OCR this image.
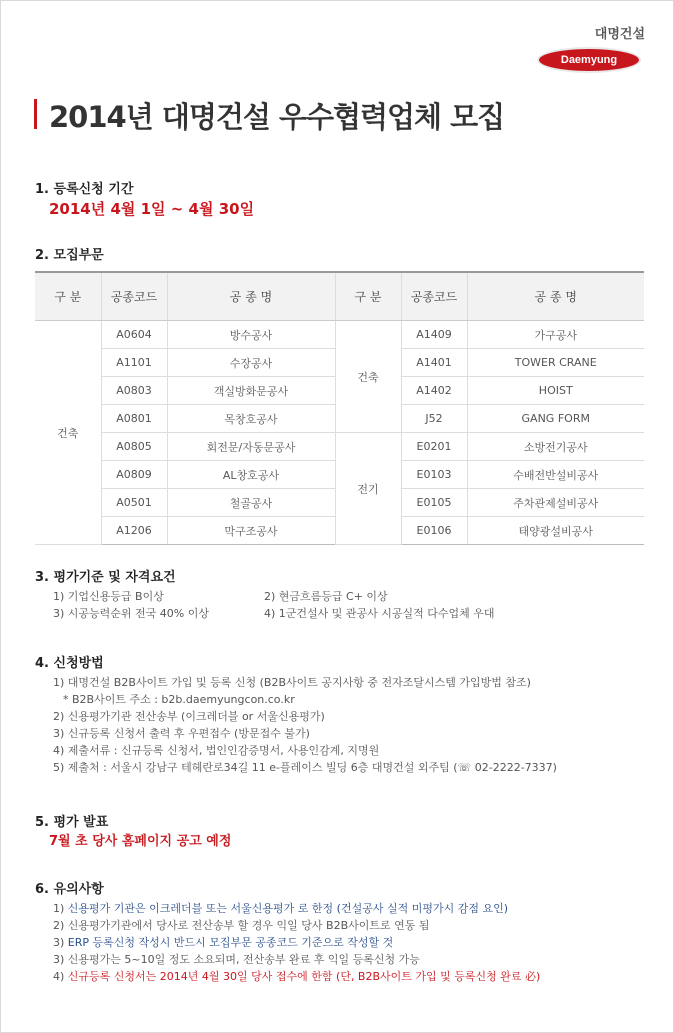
대명건설
Daemyung
2014년 대명건설 우수협력업체 모집
1. 등록신청 기간
2014년 4월 1일 ~ 4월 30일
2. 모집부문
구 분	공종코드	공 종 명	구 분	공종코드	공 종 명
건축	A0604	방수공사	건축	A1409	가구공사
	A1101	수장공사		A1401	TOWER CRANE
	A0803	객실방화문공사		A1402	HOIST
	A0801	목창호공사		J52	GANG FORM
	A0805	회전문/자동문공사	전기	E0201	소방전기공사
	A0809	AL창호공사		E0103	수배전반설비공사
	A0501	철골공사		E0105	주차관제설비공사
	A1206	막구조공사		E0106	태양광설비공사
3. 평가기준 및 자격요건
1) 기업신용등급 B이상	2) 현금흐름등급 C+ 이상
3) 시공능력순위 전국 40% 이상	4) 1군건설사 및 관공사 시공실적 다수업체 우대
4. 신청방법
1) 대명건설 B2B사이트 가입 및 등록 신청 (B2B사이트 공지사항 중 전자조달시스템 가입방법 참조)
* B2B사이트 주소 : b2b.daemyungcon.co.kr
2) 신용평가기관 전산송부 (이크레더블 or 서울신용평가)
3) 신규등록 신청서 출력 후 우편접수 (방문접수 불가)
4) 제출서류 : 신규등록 신청서, 법인인감증명서, 사용인감계, 지명원
5) 제출처 : 서울시 강남구 테헤란로34길 11 e-플레이스 빌딩 6층 대명건설 외주팀 (☏ 02-2222-7337)
5. 평가 발표
7월 초 당사 홈페이지 공고 예정
6. 유의사항
1) 신용평가 기관은 이크레더블 또는 서울신용평가 로 한정 (건설공사 실적 미평가시 감점 요인)
2) 신용평가기관에서 당사로 전산송부 할 경우 익일 당사 B2B사이트로 연동 됨
3) ERP 등록신청 작성시 반드시 모집부문 공종코드 기준으로 작성할 것
3) 신용평가는 5~10일 정도 소요되며, 전산송부 완료 후 익일 등록신청 가능
4) 신규등록 신청서는 2014년 4월 30일 당사 접수에 한함 (단, B2B사이트 가입 및 등록신청 완료 必)
